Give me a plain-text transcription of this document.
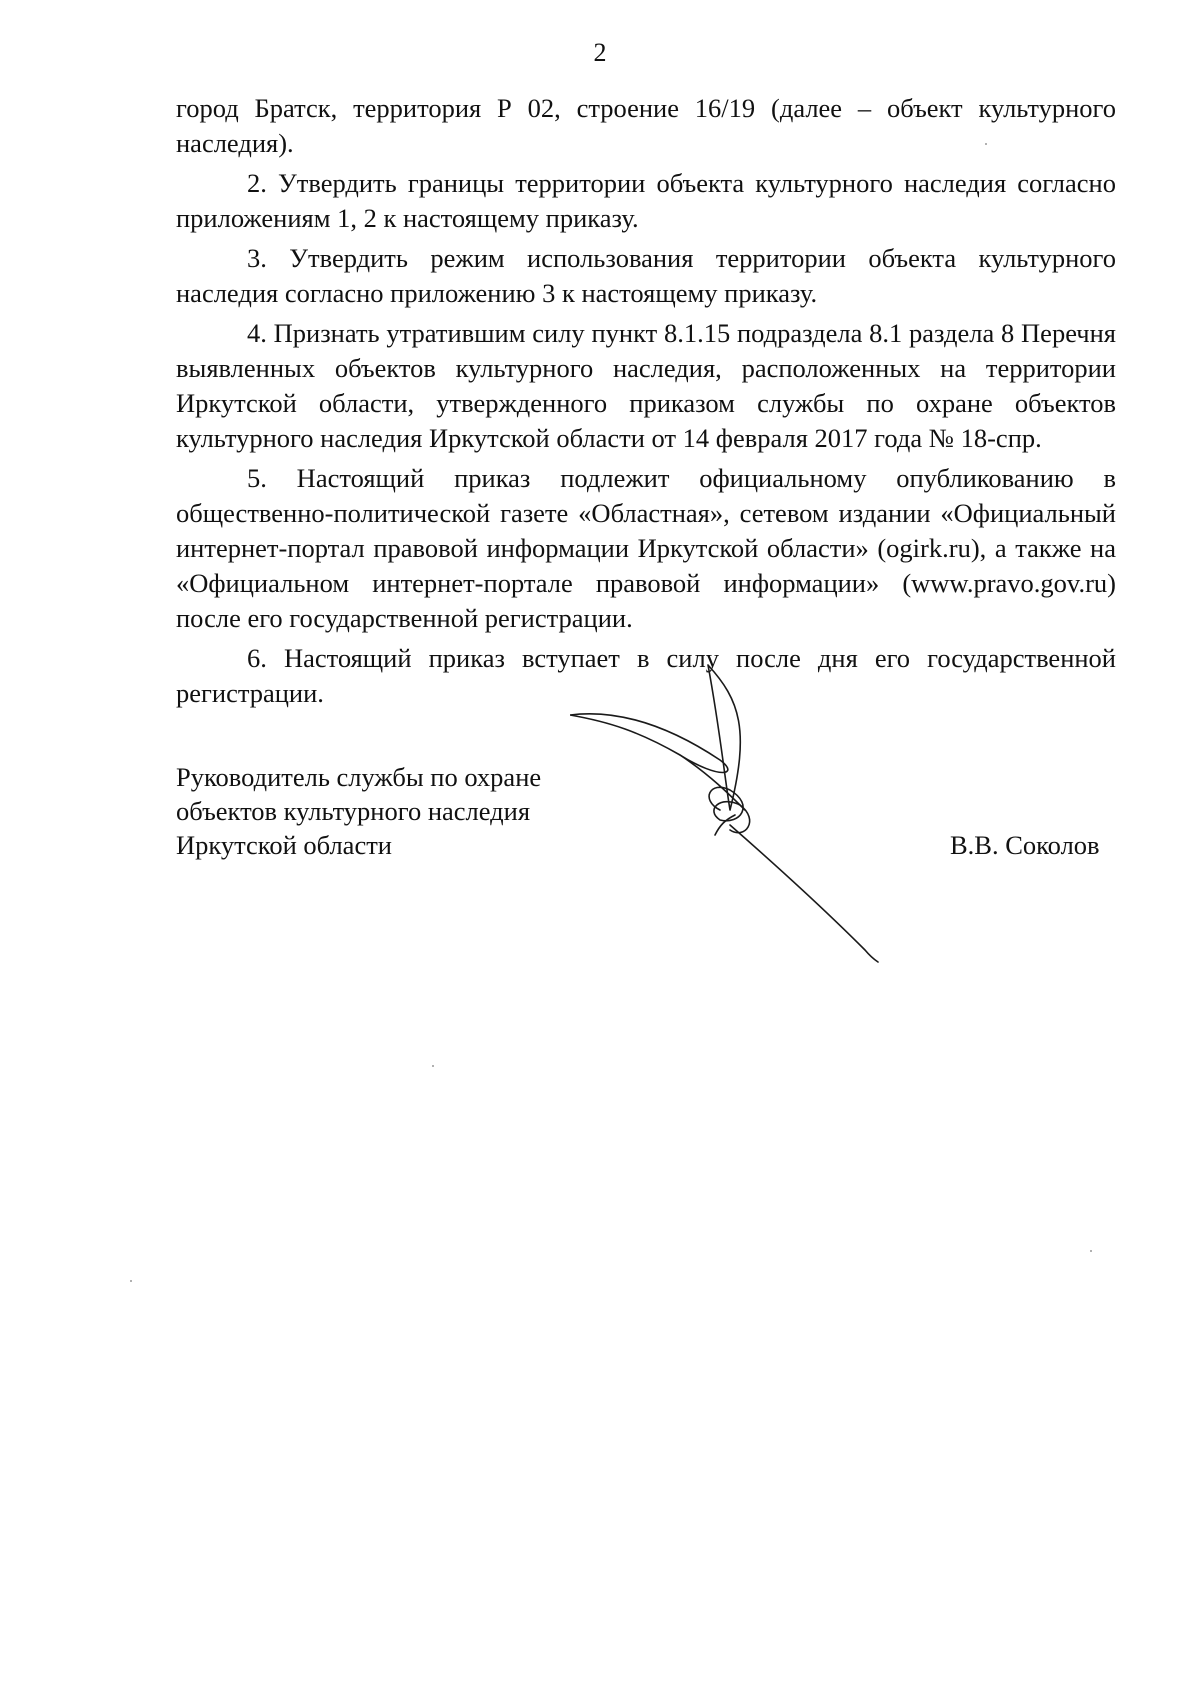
2

город Братск, территория Р 02, строение 16/19 (далее – объект культурного наследия).

2. Утвердить границы территории объекта культурного наследия согласно приложениям 1, 2 к настоящему приказу.

3. Утвердить режим использования территории объекта культурного наследия согласно приложению 3 к настоящему приказу.

4. Признать утратившим силу пункт 8.1.15 подраздела 8.1 раздела 8 Перечня выявленных объектов культурного наследия, расположенных на территории Иркутской области, утвержденного приказом службы по охране объектов культурного наследия Иркутской области от 14 февраля 2017 года № 18-спр.

5. Настоящий приказ подлежит официальному опубликованию в общественно-политической газете «Областная», сетевом издании «Официальный интернет-портал правовой информации Иркутской области» (ogirk.ru), а также на «Официальном интернет-портале правовой информации» (www.pravo.gov.ru) после его государственной регистрации.

6. Настоящий приказ вступает в силу после дня его государственной регистрации.

Руководитель службы по охране
объектов культурного наследия
Иркутской области	В.В. Соколов
